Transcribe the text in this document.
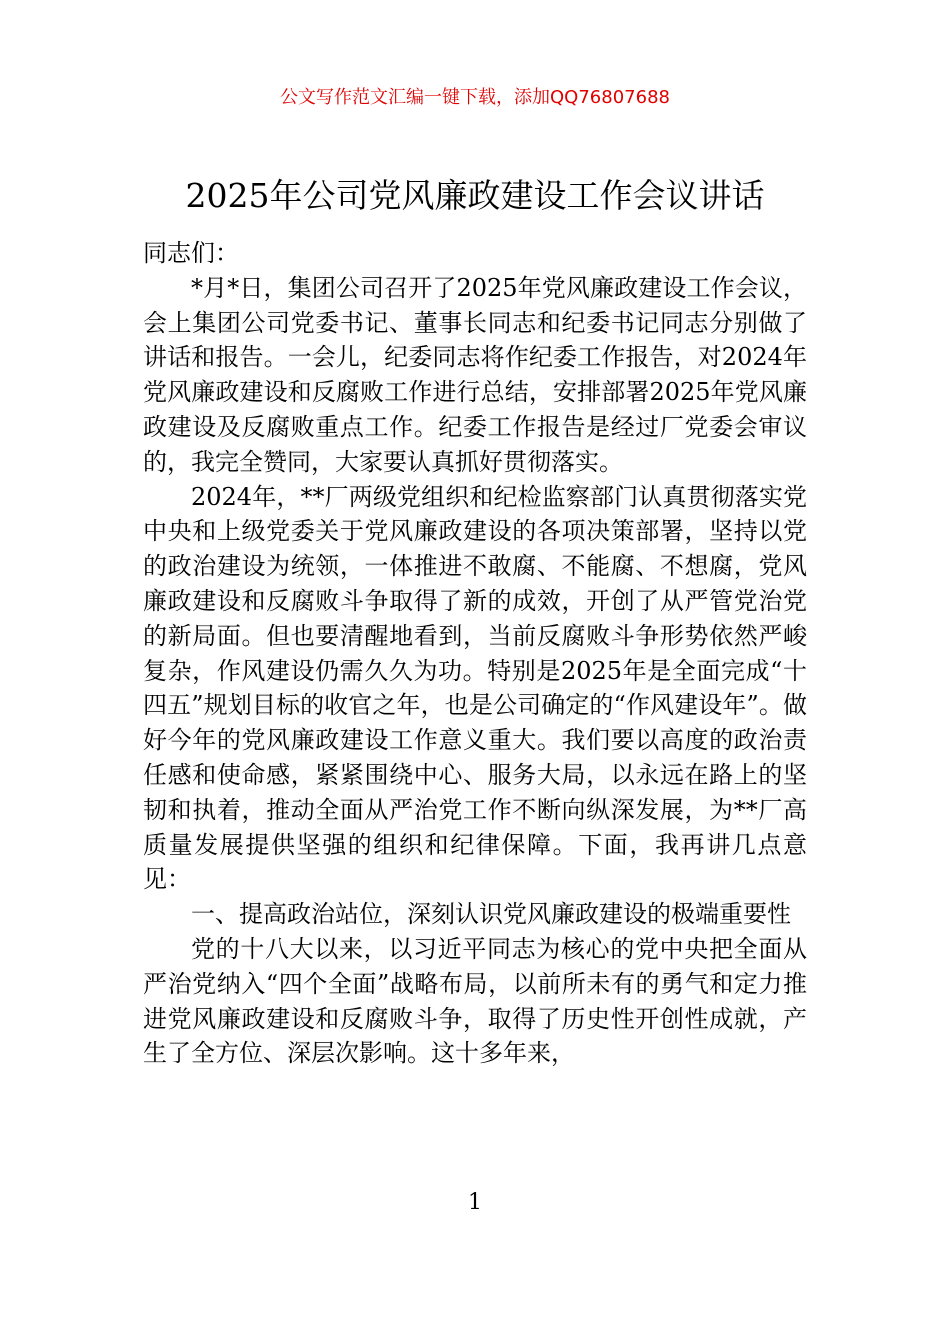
公文写作范文汇编一键下载，添加QQ76807688
2025年公司党风廉政建设工作会议讲话

同志们：

*月*日，集团公司召开了2025年党风廉政建设工作会议，会上集团公司党委书记、董事长同志和纪委书记同志分别做了讲话和报告。一会儿，纪委同志将作纪委工作报告，对2024年党风廉政建设和反腐败工作进行总结，安排部署2025年党风廉政建设及反腐败重点工作。纪委工作报告是经过厂党委会审议的，我完全赞同，大家要认真抓好贯彻落实。

2024年，**厂两级党组织和纪检监察部门认真贯彻落实党中央和上级党委关于党风廉政建设的各项决策部署，坚持以党的政治建设为统领，一体推进不敢腐、不能腐、不想腐，党风廉政建设和反腐败斗争取得了新的成效，开创了从严管党治党的新局面。但也要清醒地看到，当前反腐败斗争形势依然严峻复杂，作风建设仍需久久为功。特别是2025年是全面完成“十四五”规划目标的收官之年，也是公司确定的“作风建设年”。做好今年的党风廉政建设工作意义重大。我们要以高度的政治责任感和使命感，紧紧围绕中心、服务大局，以永远在路上的坚韧和执着，推动全面从严治党工作不断向纵深发展，为**厂高质量发展提供坚强的组织和纪律保障。下面，我再讲几点意见：

一、提高政治站位，深刻认识党风廉政建设的极端重要性

党的十八大以来，以习近平同志为核心的党中央把全面从严治党纳入“四个全面”战略布局，以前所未有的勇气和定力推进党风廉政建设和反腐败斗争，取得了历史性开创性成就，产生了全方位、深层次影响。这十多年来，

1
